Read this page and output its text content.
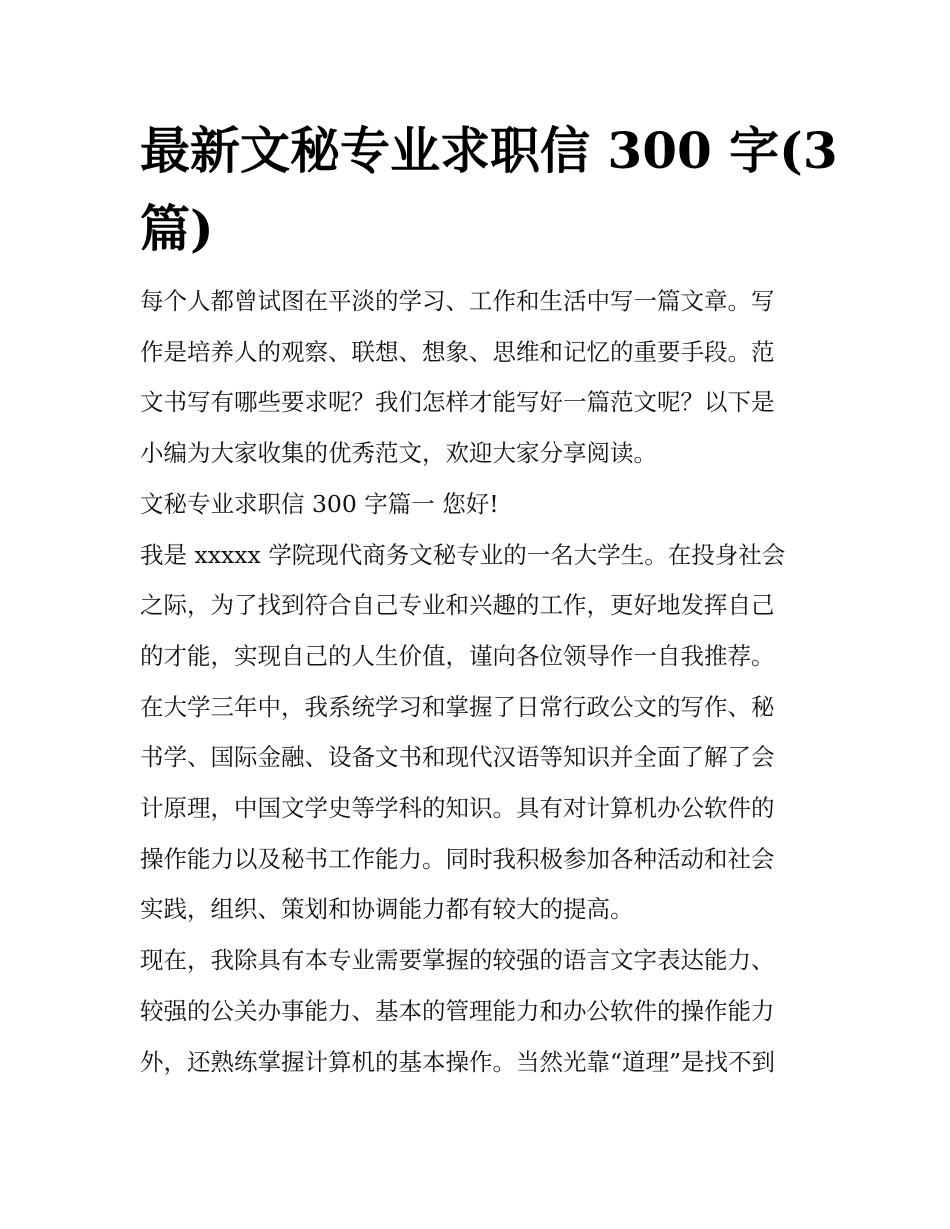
最新文秘专业求职信 300 字(3
篇)

每个人都曾试图在平淡的学习、工作和生活中写一篇文章。写
作是培养人的观察、联想、想象、思维和记忆的重要手段。范
文书写有哪些要求呢？我们怎样才能写好一篇范文呢？以下是
小编为大家收集的优秀范文，欢迎大家分享阅读。

文秘专业求职信 300 字篇一 您好!

我是 xxxxx 学院现代商务文秘专业的一名大学生。在投身社会
之际，为了找到符合自己专业和兴趣的工作，更好地发挥自己
的才能，实现自己的人生价值，谨向各位领导作一自我推荐。

在大学三年中，我系统学习和掌握了日常行政公文的写作、秘
书学、国际金融、设备文书和现代汉语等知识并全面了解了会
计原理，中国文学史等学科的知识。具有对计算机办公软件的
操作能力以及秘书工作能力。同时我积极参加各种活动和社会
实践，组织、策划和协调能力都有较大的提高。

现在，我除具有本专业需要掌握的较强的语言文字表达能力、
较强的公关办事能力、基本的管理能力和办公软件的操作能力
外，还熟练掌握计算机的基本操作。当然光靠“道理”是找不到
